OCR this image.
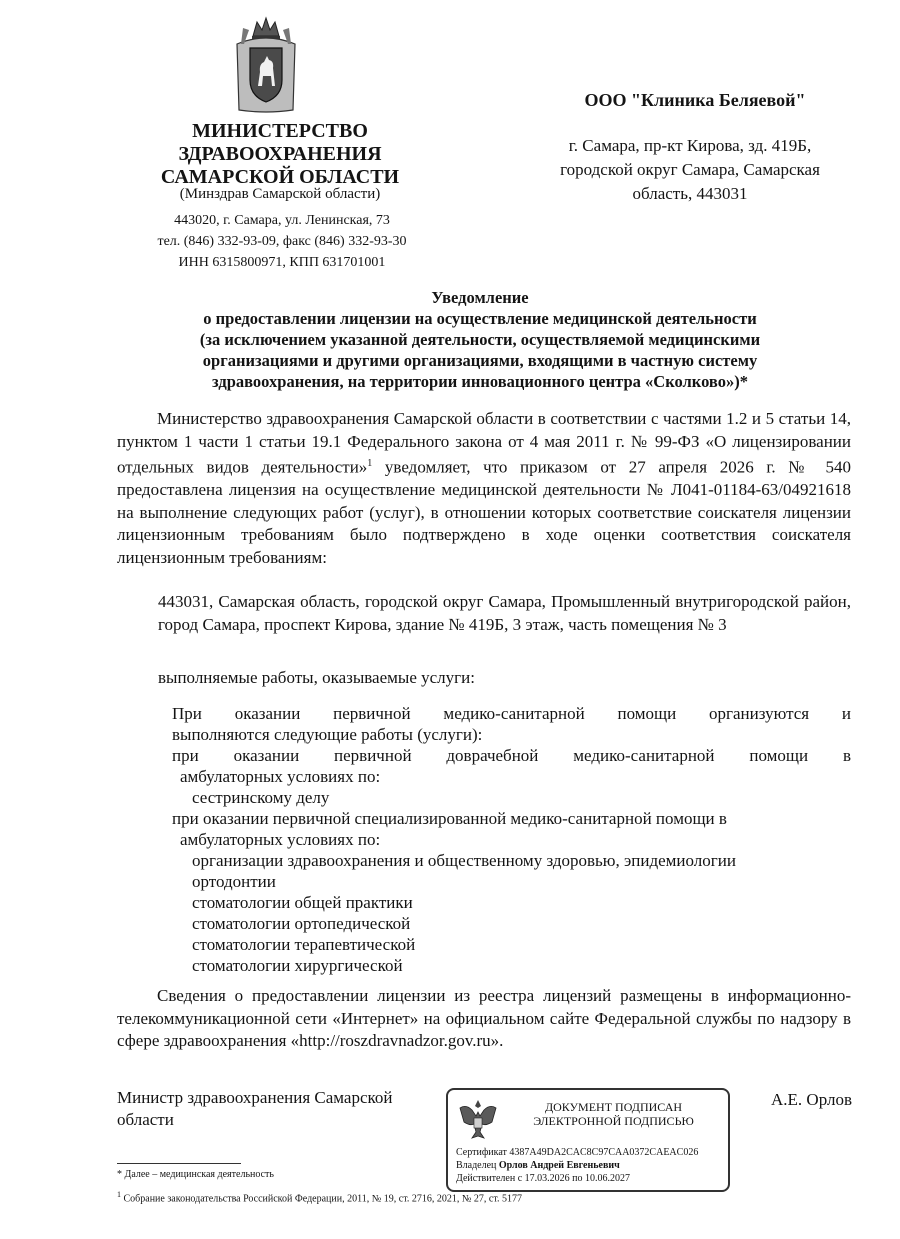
МИНИСТЕРСТВО
ЗДРАВООХРАНЕНИЯ
САМАРСКОЙ ОБЛАСТИ
(Минздрав Самарской области)
443020, г. Самара, ул. Ленинская, 73
тел. (846) 332-93-09, факс (846) 332-93-30
ИНН 6315800971, КПП 631701001
ООО "Клиника Беляевой"
г. Самара, пр-кт Кирова, зд. 419Б,
городской округ Самара, Самарская
область, 443031
Уведомление
о предоставлении лицензии на осуществление медицинской деятельности
(за исключением указанной деятельности, осуществляемой медицинскими
организациями и другими организациями, входящими в частную систему
здравоохранения, на территории инновационного центра «Сколково»)*
Министерство здравоохранения Самарской области в соответствии с частями 1.2 и 5 статьи 14, пунктом 1 части 1 статьи 19.1 Федерального закона от 4 мая 2011 г. № 99-ФЗ «О лицензировании отдельных видов деятельности»$^1$ уведомляет, что приказом от 27 апреля 2026 г. № 540 предоставлена лицензия на осуществление медицинской деятельности № Л041-01184-63/04921618 на выполнение следующих работ (услуг), в отношении которых соответствие соискателя лицензии лицензионным требованиям было подтверждено в ходе оценки соответствия соискателя лицензионным требованиям:
443031, Самарская область, городской округ Самара, Промышленный внутригородской район, город Самара, проспект Кирова, здание № 419Б, 3 этаж, часть помещения № 3
выполняемые работы, оказываемые услуги:
При оказании первичной медико-санитарной помощи организуются и
выполняются следующие работы (услуги):
при оказании первичной доврачебной медико-санитарной помощи в
амбулаторных условиях по:
сестринскому делу
при оказании первичной специализированной медико-санитарной помощи в
амбулаторных условиях по:
организации здравоохранения и общественному здоровью, эпидемиологии
ортодонтии
стоматологии общей практики
стоматологии ортопедической
стоматологии терапевтической
стоматологии хирургической
Сведения о предоставлении лицензии из реестра лицензий размещены в информационно- телекоммуникационной сети «Интернет» на официальном сайте Федеральной службы по надзору в сфере здравоохранения «http://roszdravnadzor.gov.ru».
Министр здравоохранения Самарской
области
А.Е. Орлов
ДОКУМЕНТ ПОДПИСАН
ЭЛЕКТРОННОЙ ПОДПИСЬЮ
Сертификат 4387A49DA2CAC8C97CAA0372CAEAC026
Владелец Орлов Андрей Евгеньевич
Действителен с 17.03.2026 по 10.06.2027
* Далее – медицинская деятельность
$^1$ Собрание законодательства Российской Федерации, 2011, № 19, ст. 2716, 2021, № 27, ст. 5177
